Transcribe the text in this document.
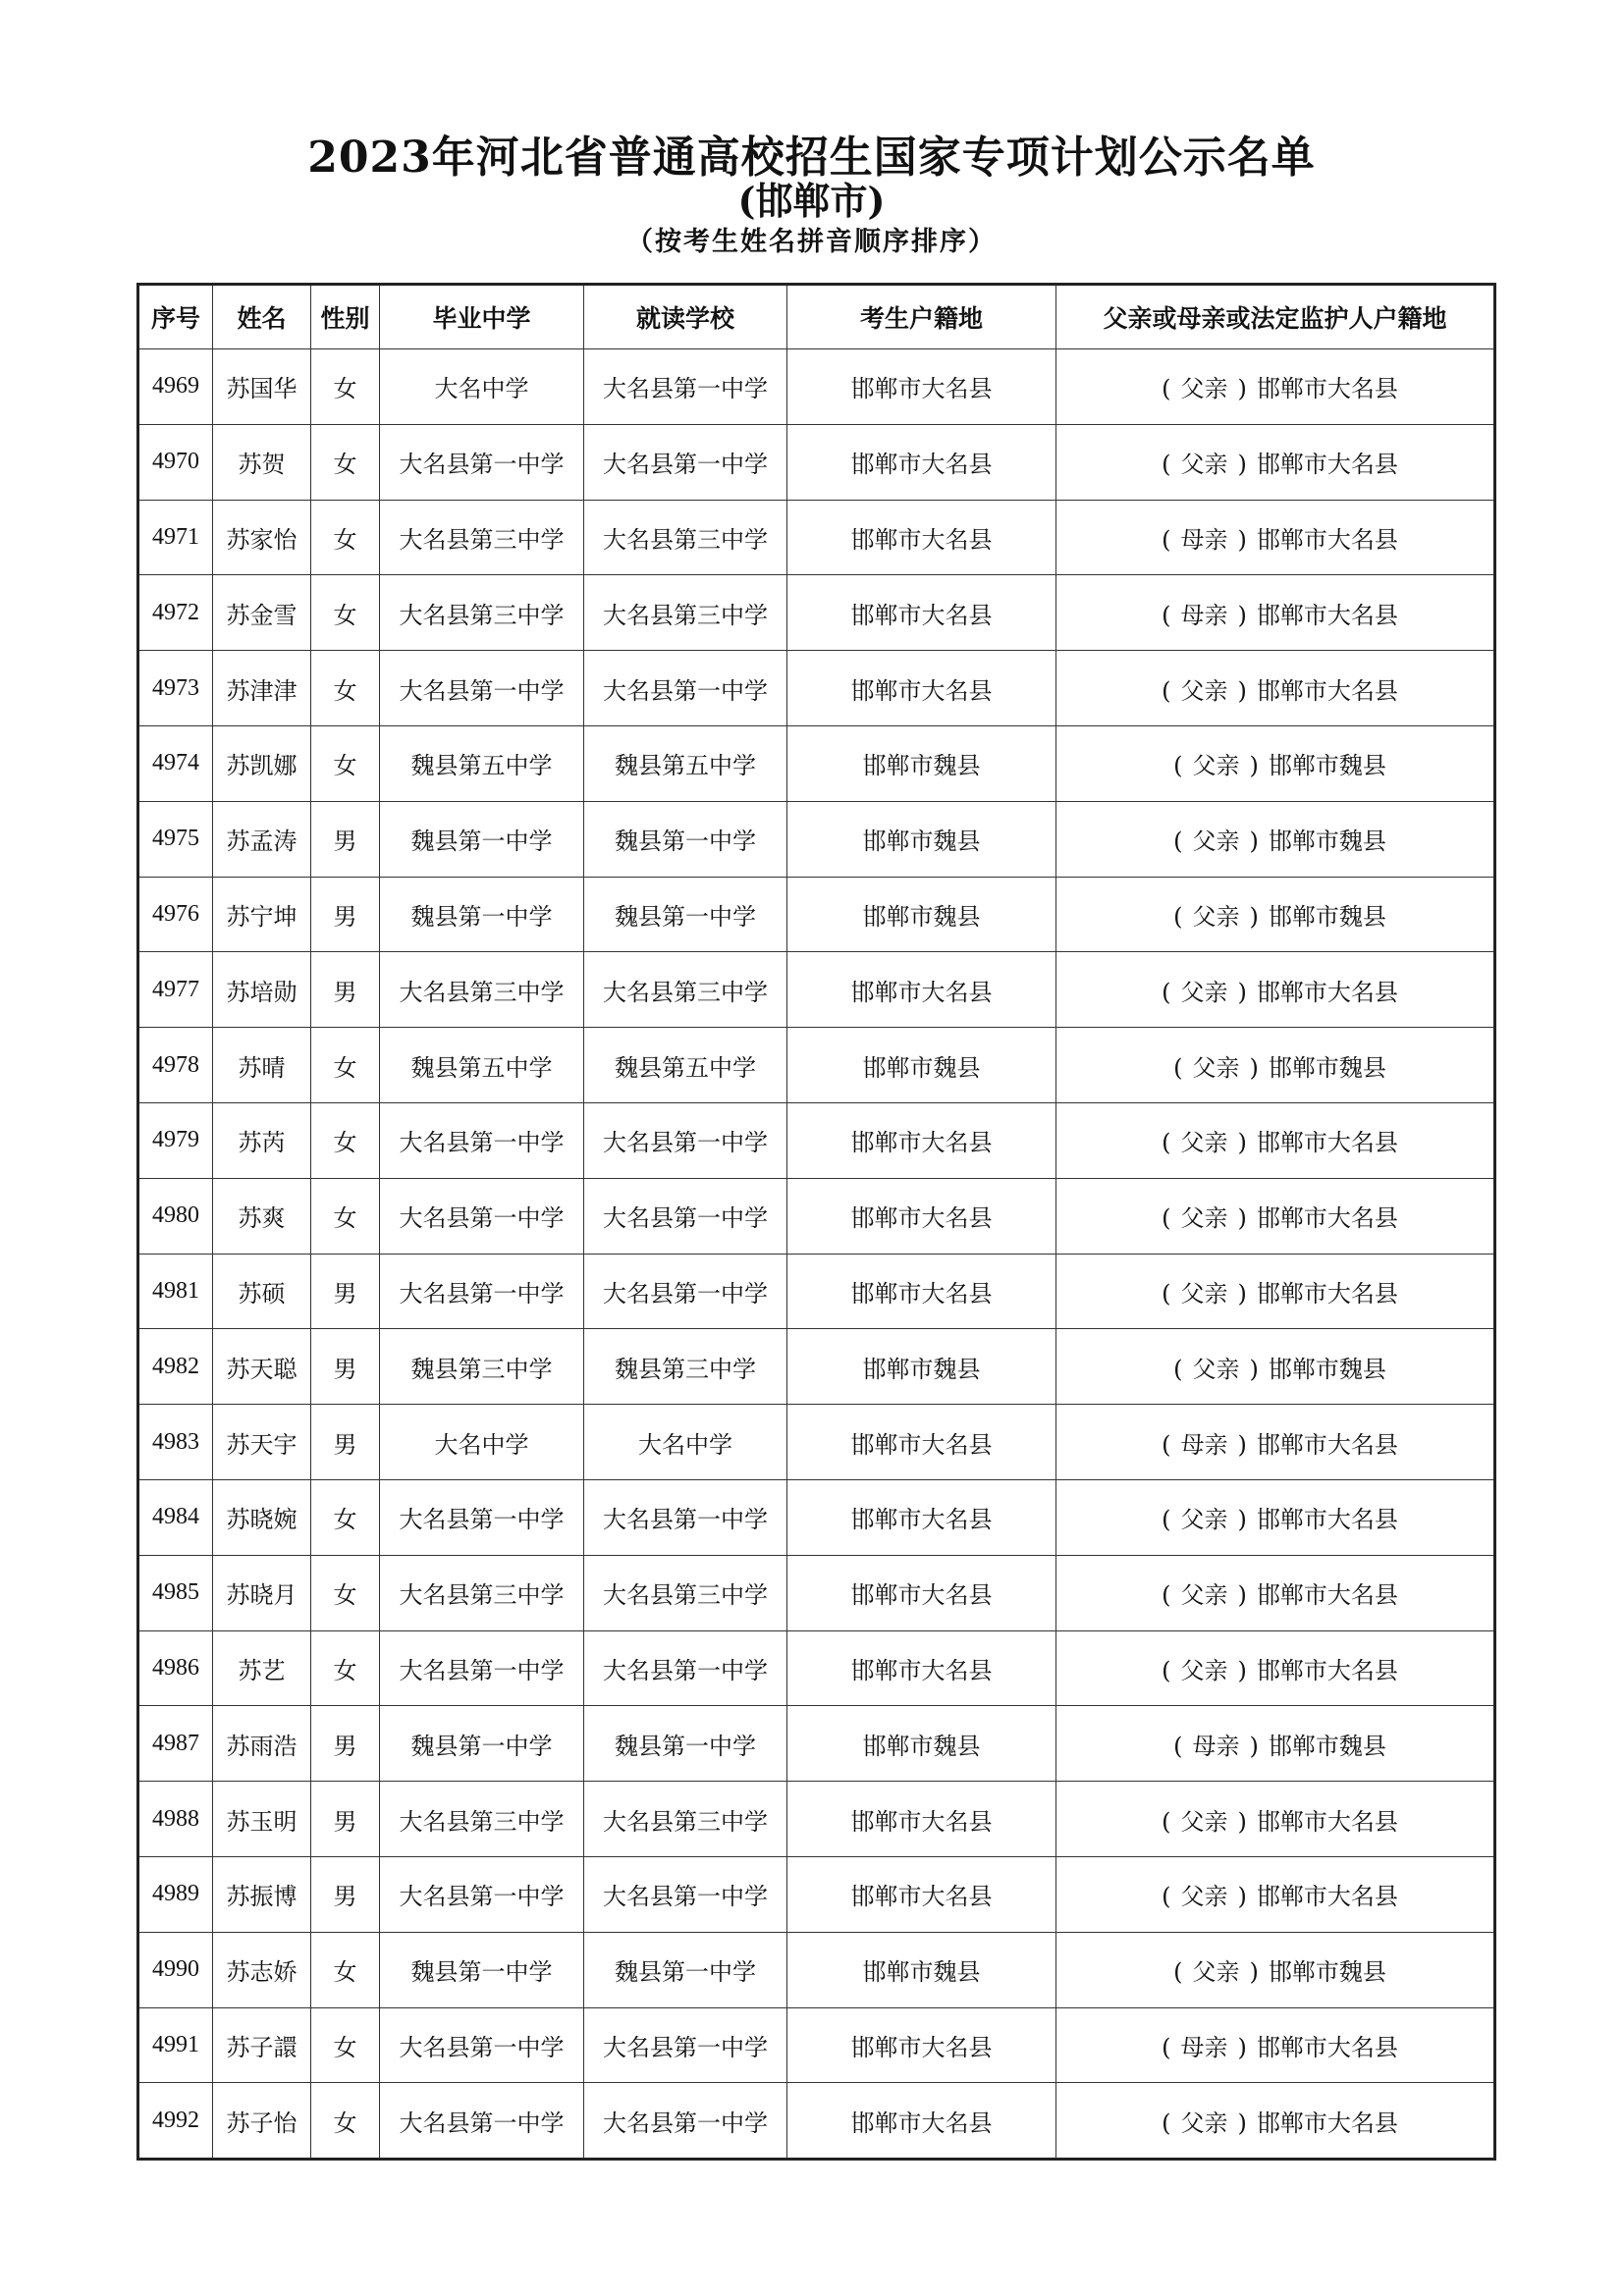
2023年河北省普通高校招生国家专项计划公示名单
(邯郸市)
（按考生姓名拼音顺序排序）
序号	姓名	性别	毕业中学	就读学校	考生户籍地	父亲或母亲或法定监护人户籍地
4969	苏国华	女	大名中学	大名县第一中学	邯郸市大名县	( 父亲 ) 邯郸市大名县
4970	苏贺	女	大名县第一中学	大名县第一中学	邯郸市大名县	( 父亲 ) 邯郸市大名县
4971	苏家怡	女	大名县第三中学	大名县第三中学	邯郸市大名县	( 母亲 ) 邯郸市大名县
4972	苏金雪	女	大名县第三中学	大名县第三中学	邯郸市大名县	( 母亲 ) 邯郸市大名县
4973	苏津津	女	大名县第一中学	大名县第一中学	邯郸市大名县	( 父亲 ) 邯郸市大名县
4974	苏凯娜	女	魏县第五中学	魏县第五中学	邯郸市魏县	( 父亲 ) 邯郸市魏县
4975	苏孟涛	男	魏县第一中学	魏县第一中学	邯郸市魏县	( 父亲 ) 邯郸市魏县
4976	苏宁坤	男	魏县第一中学	魏县第一中学	邯郸市魏县	( 父亲 ) 邯郸市魏县
4977	苏培勋	男	大名县第三中学	大名县第三中学	邯郸市大名县	( 父亲 ) 邯郸市大名县
4978	苏晴	女	魏县第五中学	魏县第五中学	邯郸市魏县	( 父亲 ) 邯郸市魏县
4979	苏芮	女	大名县第一中学	大名县第一中学	邯郸市大名县	( 父亲 ) 邯郸市大名县
4980	苏爽	女	大名县第一中学	大名县第一中学	邯郸市大名县	( 父亲 ) 邯郸市大名县
4981	苏硕	男	大名县第一中学	大名县第一中学	邯郸市大名县	( 父亲 ) 邯郸市大名县
4982	苏天聪	男	魏县第三中学	魏县第三中学	邯郸市魏县	( 父亲 ) 邯郸市魏县
4983	苏天宇	男	大名中学	大名中学	邯郸市大名县	( 母亲 ) 邯郸市大名县
4984	苏晓婉	女	大名县第一中学	大名县第一中学	邯郸市大名县	( 父亲 ) 邯郸市大名县
4985	苏晓月	女	大名县第三中学	大名县第三中学	邯郸市大名县	( 父亲 ) 邯郸市大名县
4986	苏艺	女	大名县第一中学	大名县第一中学	邯郸市大名县	( 父亲 ) 邯郸市大名县
4987	苏雨浩	男	魏县第一中学	魏县第一中学	邯郸市魏县	( 母亲 ) 邯郸市魏县
4988	苏玉明	男	大名县第三中学	大名县第三中学	邯郸市大名县	( 父亲 ) 邯郸市大名县
4989	苏振博	男	大名县第一中学	大名县第一中学	邯郸市大名县	( 父亲 ) 邯郸市大名县
4990	苏志娇	女	魏县第一中学	魏县第一中学	邯郸市魏县	( 父亲 ) 邯郸市魏县
4991	苏子譞	女	大名县第一中学	大名县第一中学	邯郸市大名县	( 母亲 ) 邯郸市大名县
4992	苏子怡	女	大名县第一中学	大名县第一中学	邯郸市大名县	( 父亲 ) 邯郸市大名县
